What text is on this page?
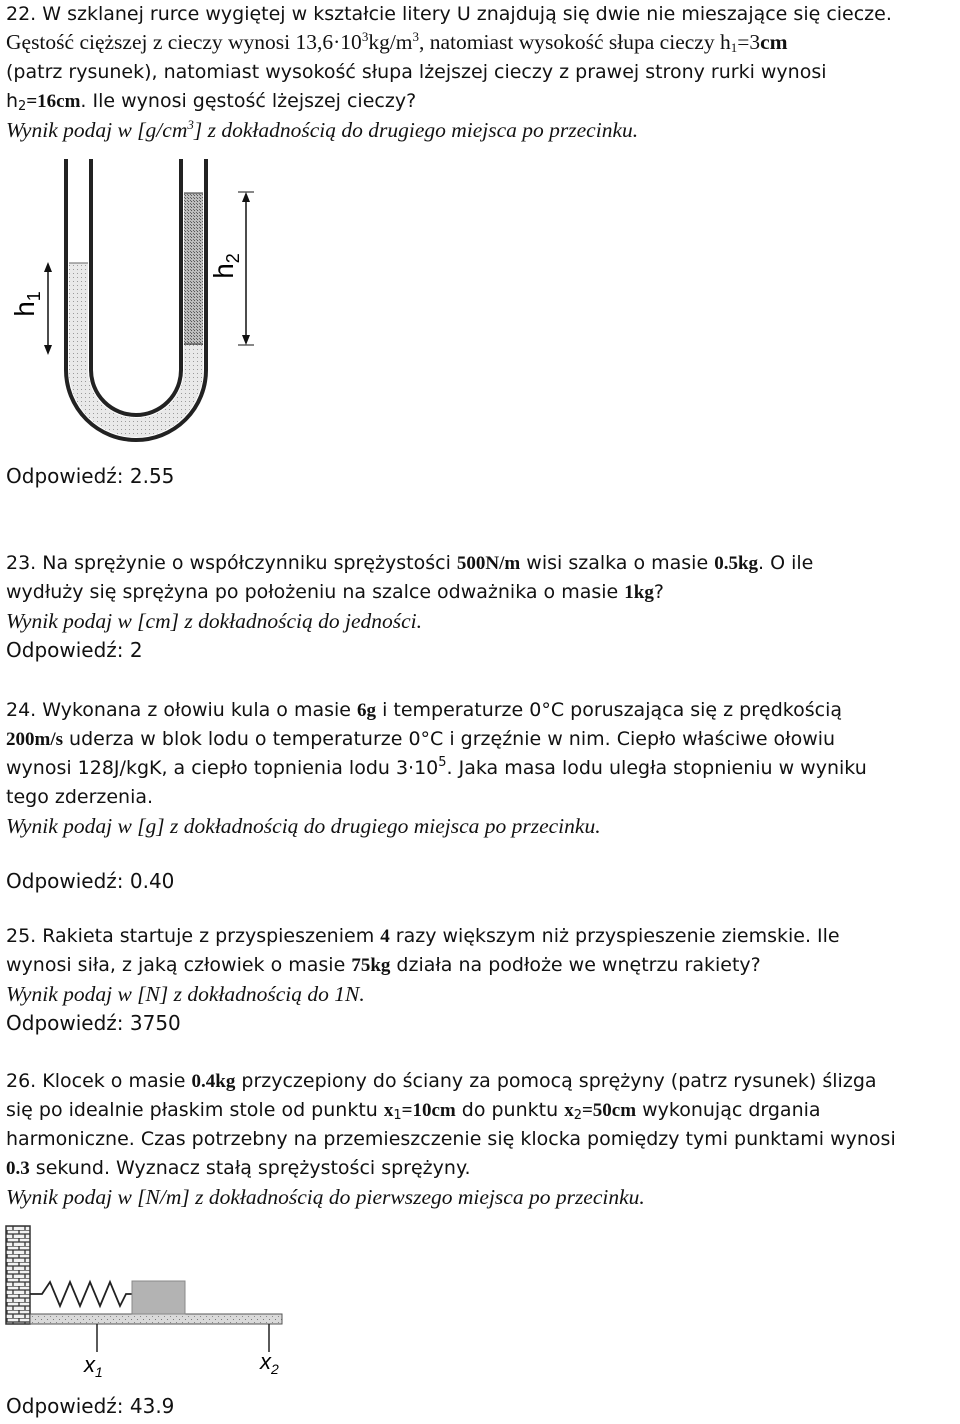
22. W szklanej rurce wygiętej w kształcie litery U znajdują się dwie nie mieszające się ciecze.
Gęstość cięższej z cieczy wynosi $13,6\cdot 10^3kg/m^3$, natomiast wysokość słupa cieczy $h_1=3cm$
(patrz rysunek), natomiast wysokość słupa lżejszej cieczy z prawej strony rurki wynosi
$h_2=16cm$. Ile wynosi gęstość lżejszej cieczy?
Wynik podaj w $[g/cm^3]$ z dokładnością do drugiego miejsca po przecinku.
$h_1$
$h_2$
Odpowiedź: 2.55
23. Na sprężynie o współczynniku sprężystości 500N/m wisi szalka o masie 0.5kg. O ile
wydłuży się sprężyna po położeniu na szalce odważnika o masie 1kg?
Wynik podaj w [cm] z dokładnością do jedności.
Odpowiedź: 2
24. Wykonana z ołowiu kula o masie 6g i temperaturze 0°C poruszająca się z prędkością
200m/s uderza w blok lodu o temperaturze 0°C i grzęźnie w nim. Ciepło właściwe ołowiu
wynosi 128J/kgK, a ciepło topnienia lodu $3\cdot 10^5$. Jaka masa lodu uległa stopnieniu w wyniku
tego zderzenia.
Wynik podaj w [g] z dokładnością do drugiego miejsca po przecinku.
Odpowiedź: 0.40
25. Rakieta startuje z przyspieszeniem 4 razy większym niż przyspieszenie ziemskie. Ile
wynosi siła, z jaką człowiek o masie 75kg działa na podłoże we wnętrzu rakiety?
Wynik podaj w [N] z dokładnością do 1N.
Odpowiedź: 3750
26. Klocek o masie 0.4kg przyczepiony do ściany za pomocą sprężyny (patrz rysunek) ślizga
się po idealnie płaskim stole od punktu $x_1=10cm$ do punktu $x_2=50cm$ wykonując drgania
harmoniczne. Czas potrzebny na przemieszczenie się klocka pomiędzy tymi punktami wynosi
0.3 sekund. Wyznacz stałą sprężystości sprężyny.
Wynik podaj w [N/m] z dokładnością do pierwszego miejsca po przecinku.
$x_1$	$x_2$
Odpowiedź: 43.9
